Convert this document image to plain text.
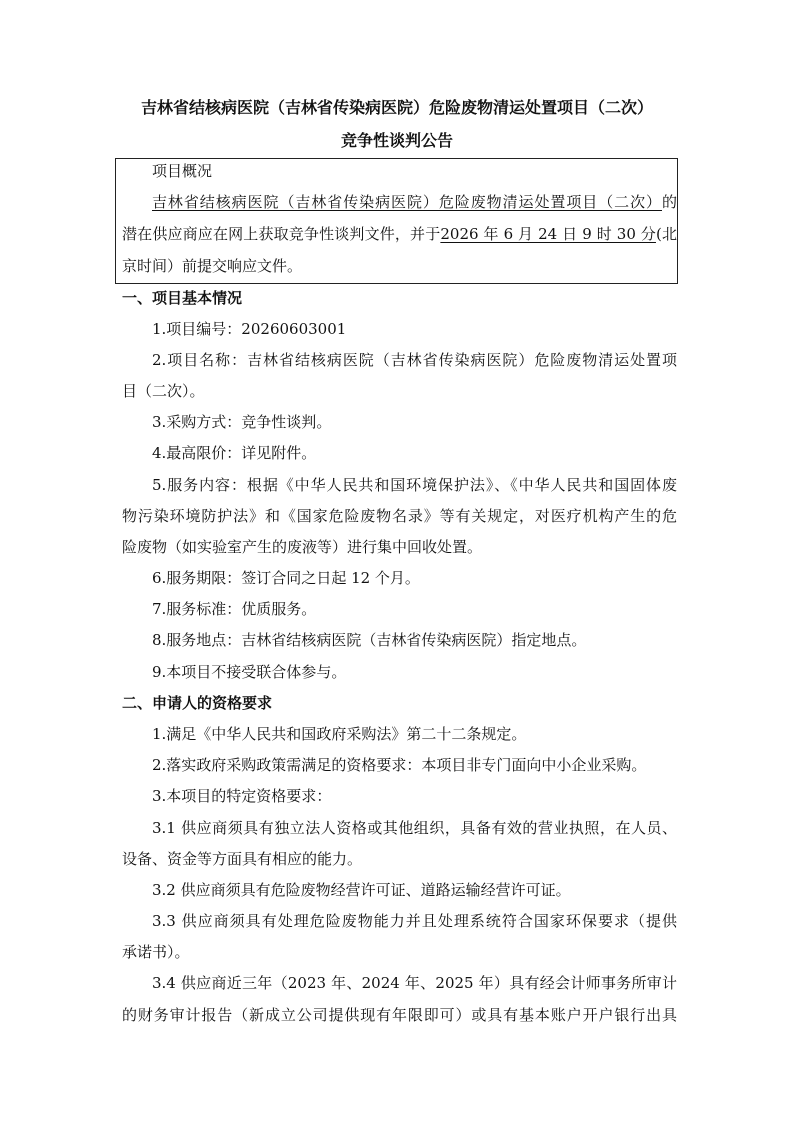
吉林省结核病医院（吉林省传染病医院）危险废物清运处置项目（二次）
竞争性谈判公告
项目概况
吉林省结核病医院（吉林省传染病医院）危险废物清运处置项目（二次）的
潜在供应商应在网上获取竞争性谈判文件，并于2026 年 6 月 24 日 9 时 30 分(北
京时间）前提交响应文件。
一、项目基本情况
1.项目编号：20260603001
2.项目名称：吉林省结核病医院（吉林省传染病医院）危险废物清运处置项
目（二次）。
3.采购方式：竞争性谈判。
4.最高限价：详见附件。
5.服务内容：根据《中华人民共和国环境保护法》、《中华人民共和国固体废
物污染环境防护法》和《国家危险废物名录》等有关规定，对医疗机构产生的危
险废物（如实验室产生的废液等）进行集中回收处置。
6.服务期限：签订合同之日起 12 个月。
7.服务标准：优质服务。
8.服务地点：吉林省结核病医院（吉林省传染病医院）指定地点。
9.本项目不接受联合体参与。
二、申请人的资格要求
1.满足《中华人民共和国政府采购法》第二十二条规定。
2.落实政府采购政策需满足的资格要求：本项目非专门面向中小企业采购。
3.本项目的特定资格要求：
3.1 供应商须具有独立法人资格或其他组织，具备有效的营业执照，在人员、
设备、资金等方面具有相应的能力。
3.2 供应商须具有危险废物经营许可证、道路运输经营许可证。
3.3 供应商须具有处理危险废物能力并且处理系统符合国家环保要求（提供
承诺书）。
3.4 供应商近三年（2023 年、2024 年、2025 年）具有经会计师事务所审计
的财务审计报告（新成立公司提供现有年限即可）或具有基本账户开户银行出具
